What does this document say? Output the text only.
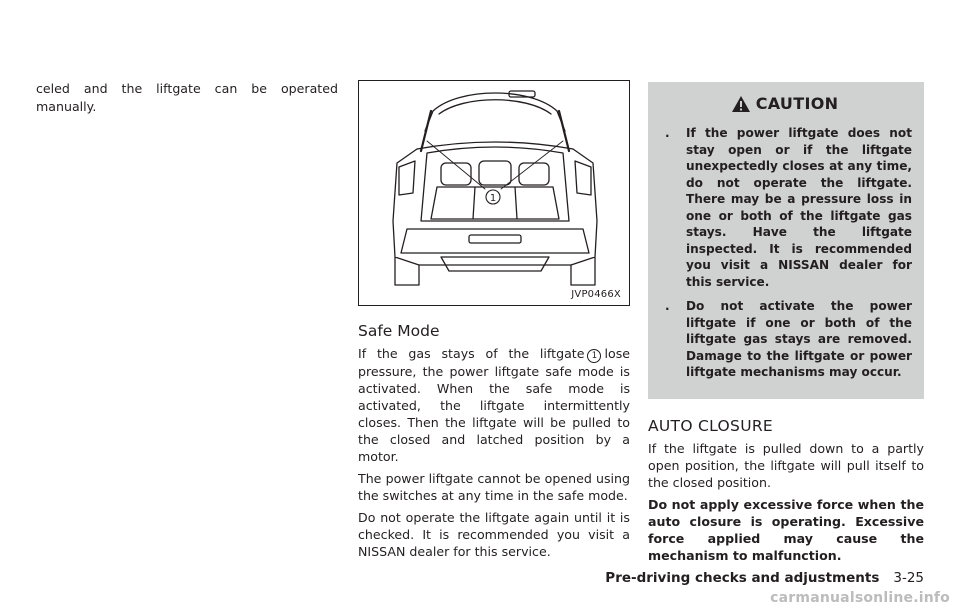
celed and the liftgate can be operated manually.

1
JVP0466X
Safe Mode

If the gas stays of the liftgate 1 lose pressure, the power liftgate safe mode is activated. When the safe mode is activated, the liftgate intermittently closes. Then the liftgate will be pulled to the closed and latched position by a motor.

The power liftgate cannot be opened using the switches at any time in the safe mode.

Do not operate the liftgate again until it is checked. It is recommended you visit a NISSAN dealer for this service.

CAUTION
. If the power liftgate does not stay open or if the liftgate unexpectedly closes at any time, do not operate the liftgate. There may be a pressure loss in one or both of the liftgate gas stays. Have the liftgate inspected. It is recommended you visit a NISSAN dealer for this service.
. Do not activate the power liftgate if one or both of the liftgate gas stays are removed. Damage to the liftgate or power liftgate mechanisms may occur.
AUTO CLOSURE

If the liftgate is pulled down to a partly open position, the liftgate will pull itself to the closed position.

Do not apply excessive force when the auto closure is operating. Excessive force applied may cause the mechanism to malfunction.

Pre-driving checks and adjustments 3-25
carmanualsonline.info
